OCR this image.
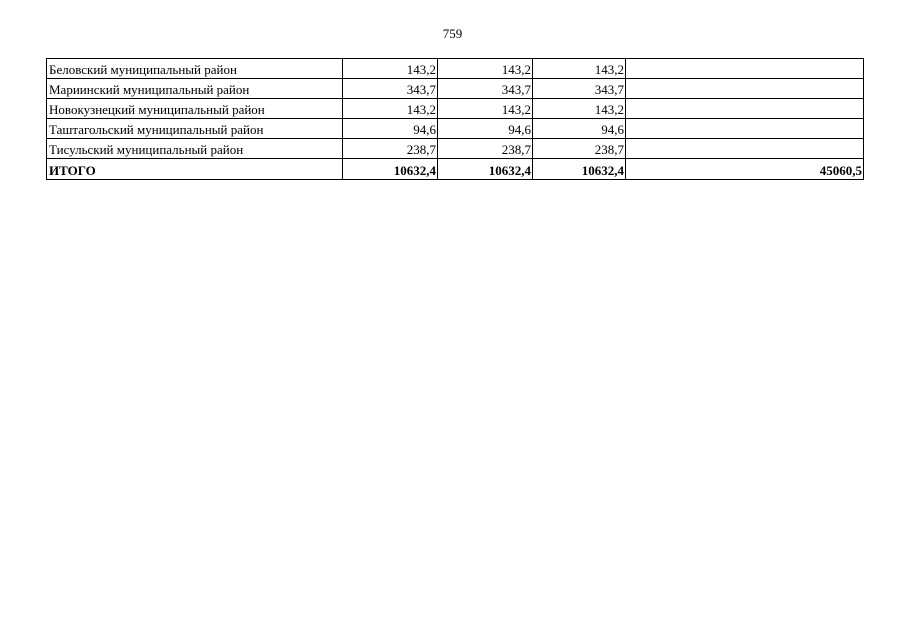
759
Беловский муниципальный район	143,2	143,2	143,2	
Мариинский муниципальный район	343,7	343,7	343,7	
Новокузнецкий муниципальный район	143,2	143,2	143,2	
Таштагольский муниципальный район	94,6	94,6	94,6	
Тисульский муниципальный район	238,7	238,7	238,7	
ИТОГО	10632,4	10632,4	10632,4	45060,5
